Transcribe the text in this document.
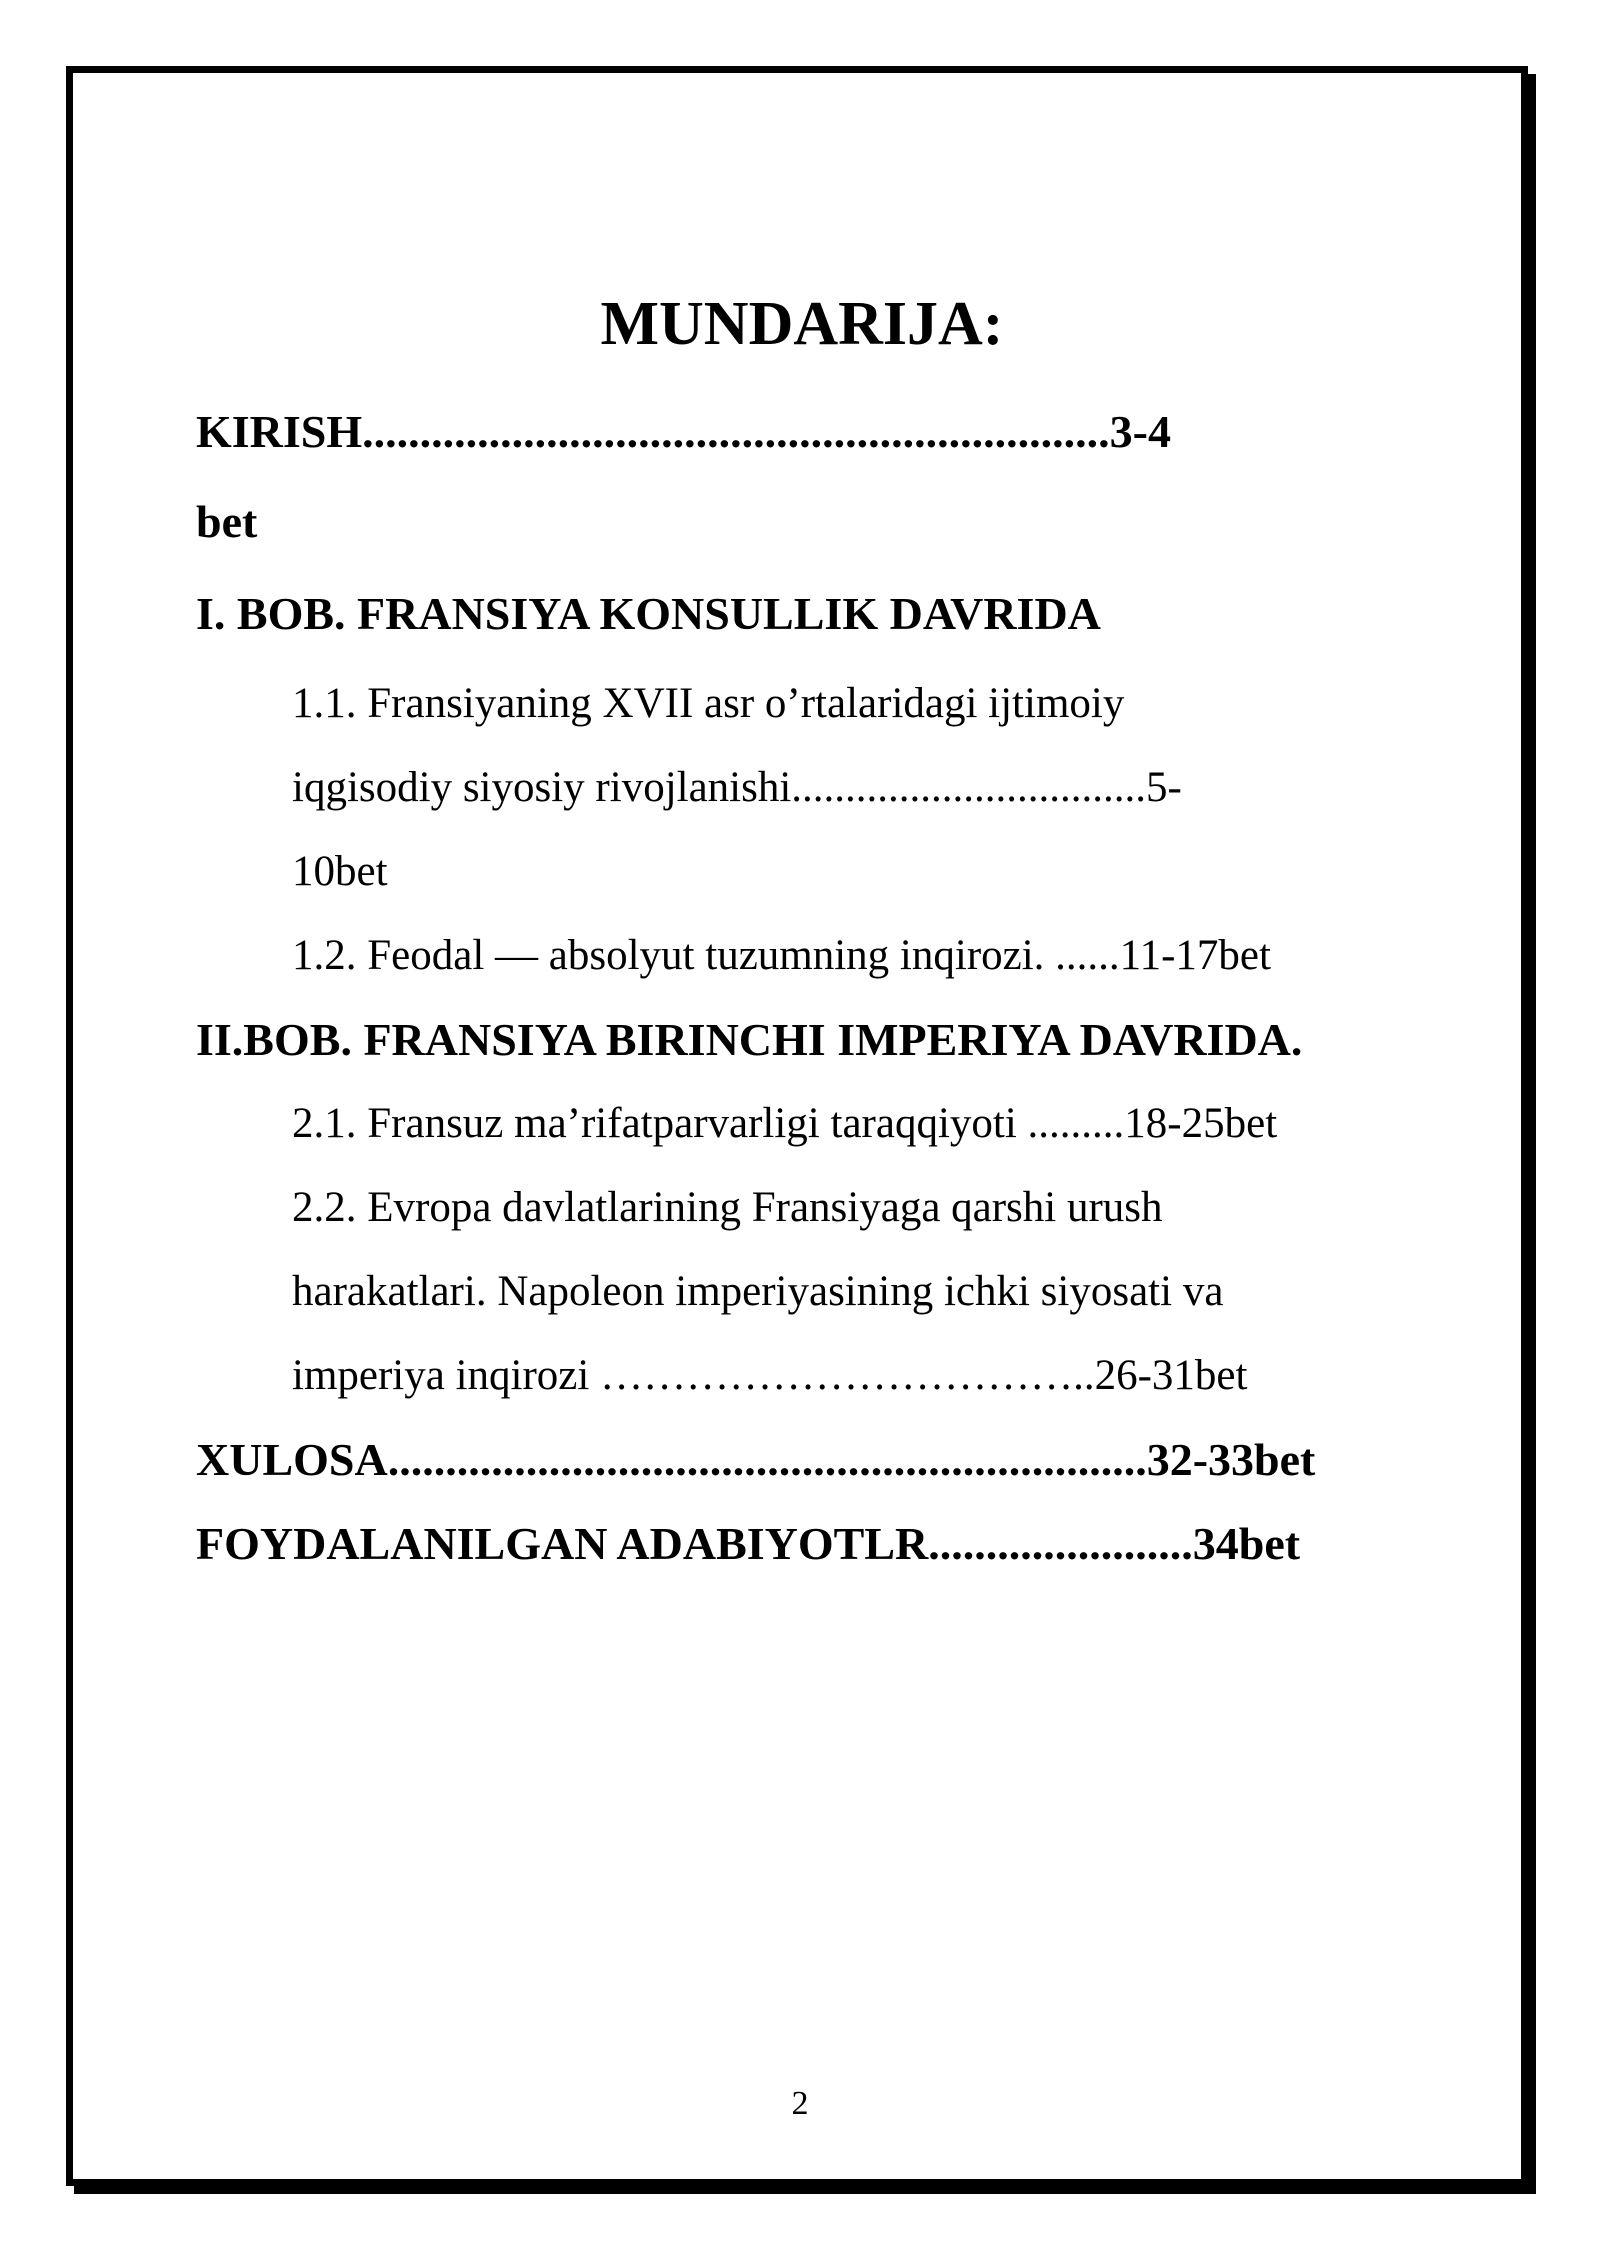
MUNDARIJA:

KIRISH.................................................................3-4

bet

I. BOB. FRANSIYA KONSULLIK DAVRIDA

1.1. Fransiyaning XVII asr o’rtalaridagi ijtimoiy

iqgisodiy siyosiy rivojlanishi.................................5-

10bet

1.2. Feodal — absolyut tuzumning inqirozi. ......11-17bet

II.BOB. FRANSIYA BIRINCHI IMPERIYA DAVRIDA.

2.1. Fransuz ma’rifatparvarligi taraqqiyoti .........18-25bet

2.2. Evropa davlatlarining Fransiyaga qarshi urush

harakatlari. Napoleon imperiyasining ichki siyosati va

imperiya inqirozi ……………………………..26-31bet

XULOSA..................................................................32-33bet

FOYDALANILGAN ADABIYOTLR.......................34bet

2
